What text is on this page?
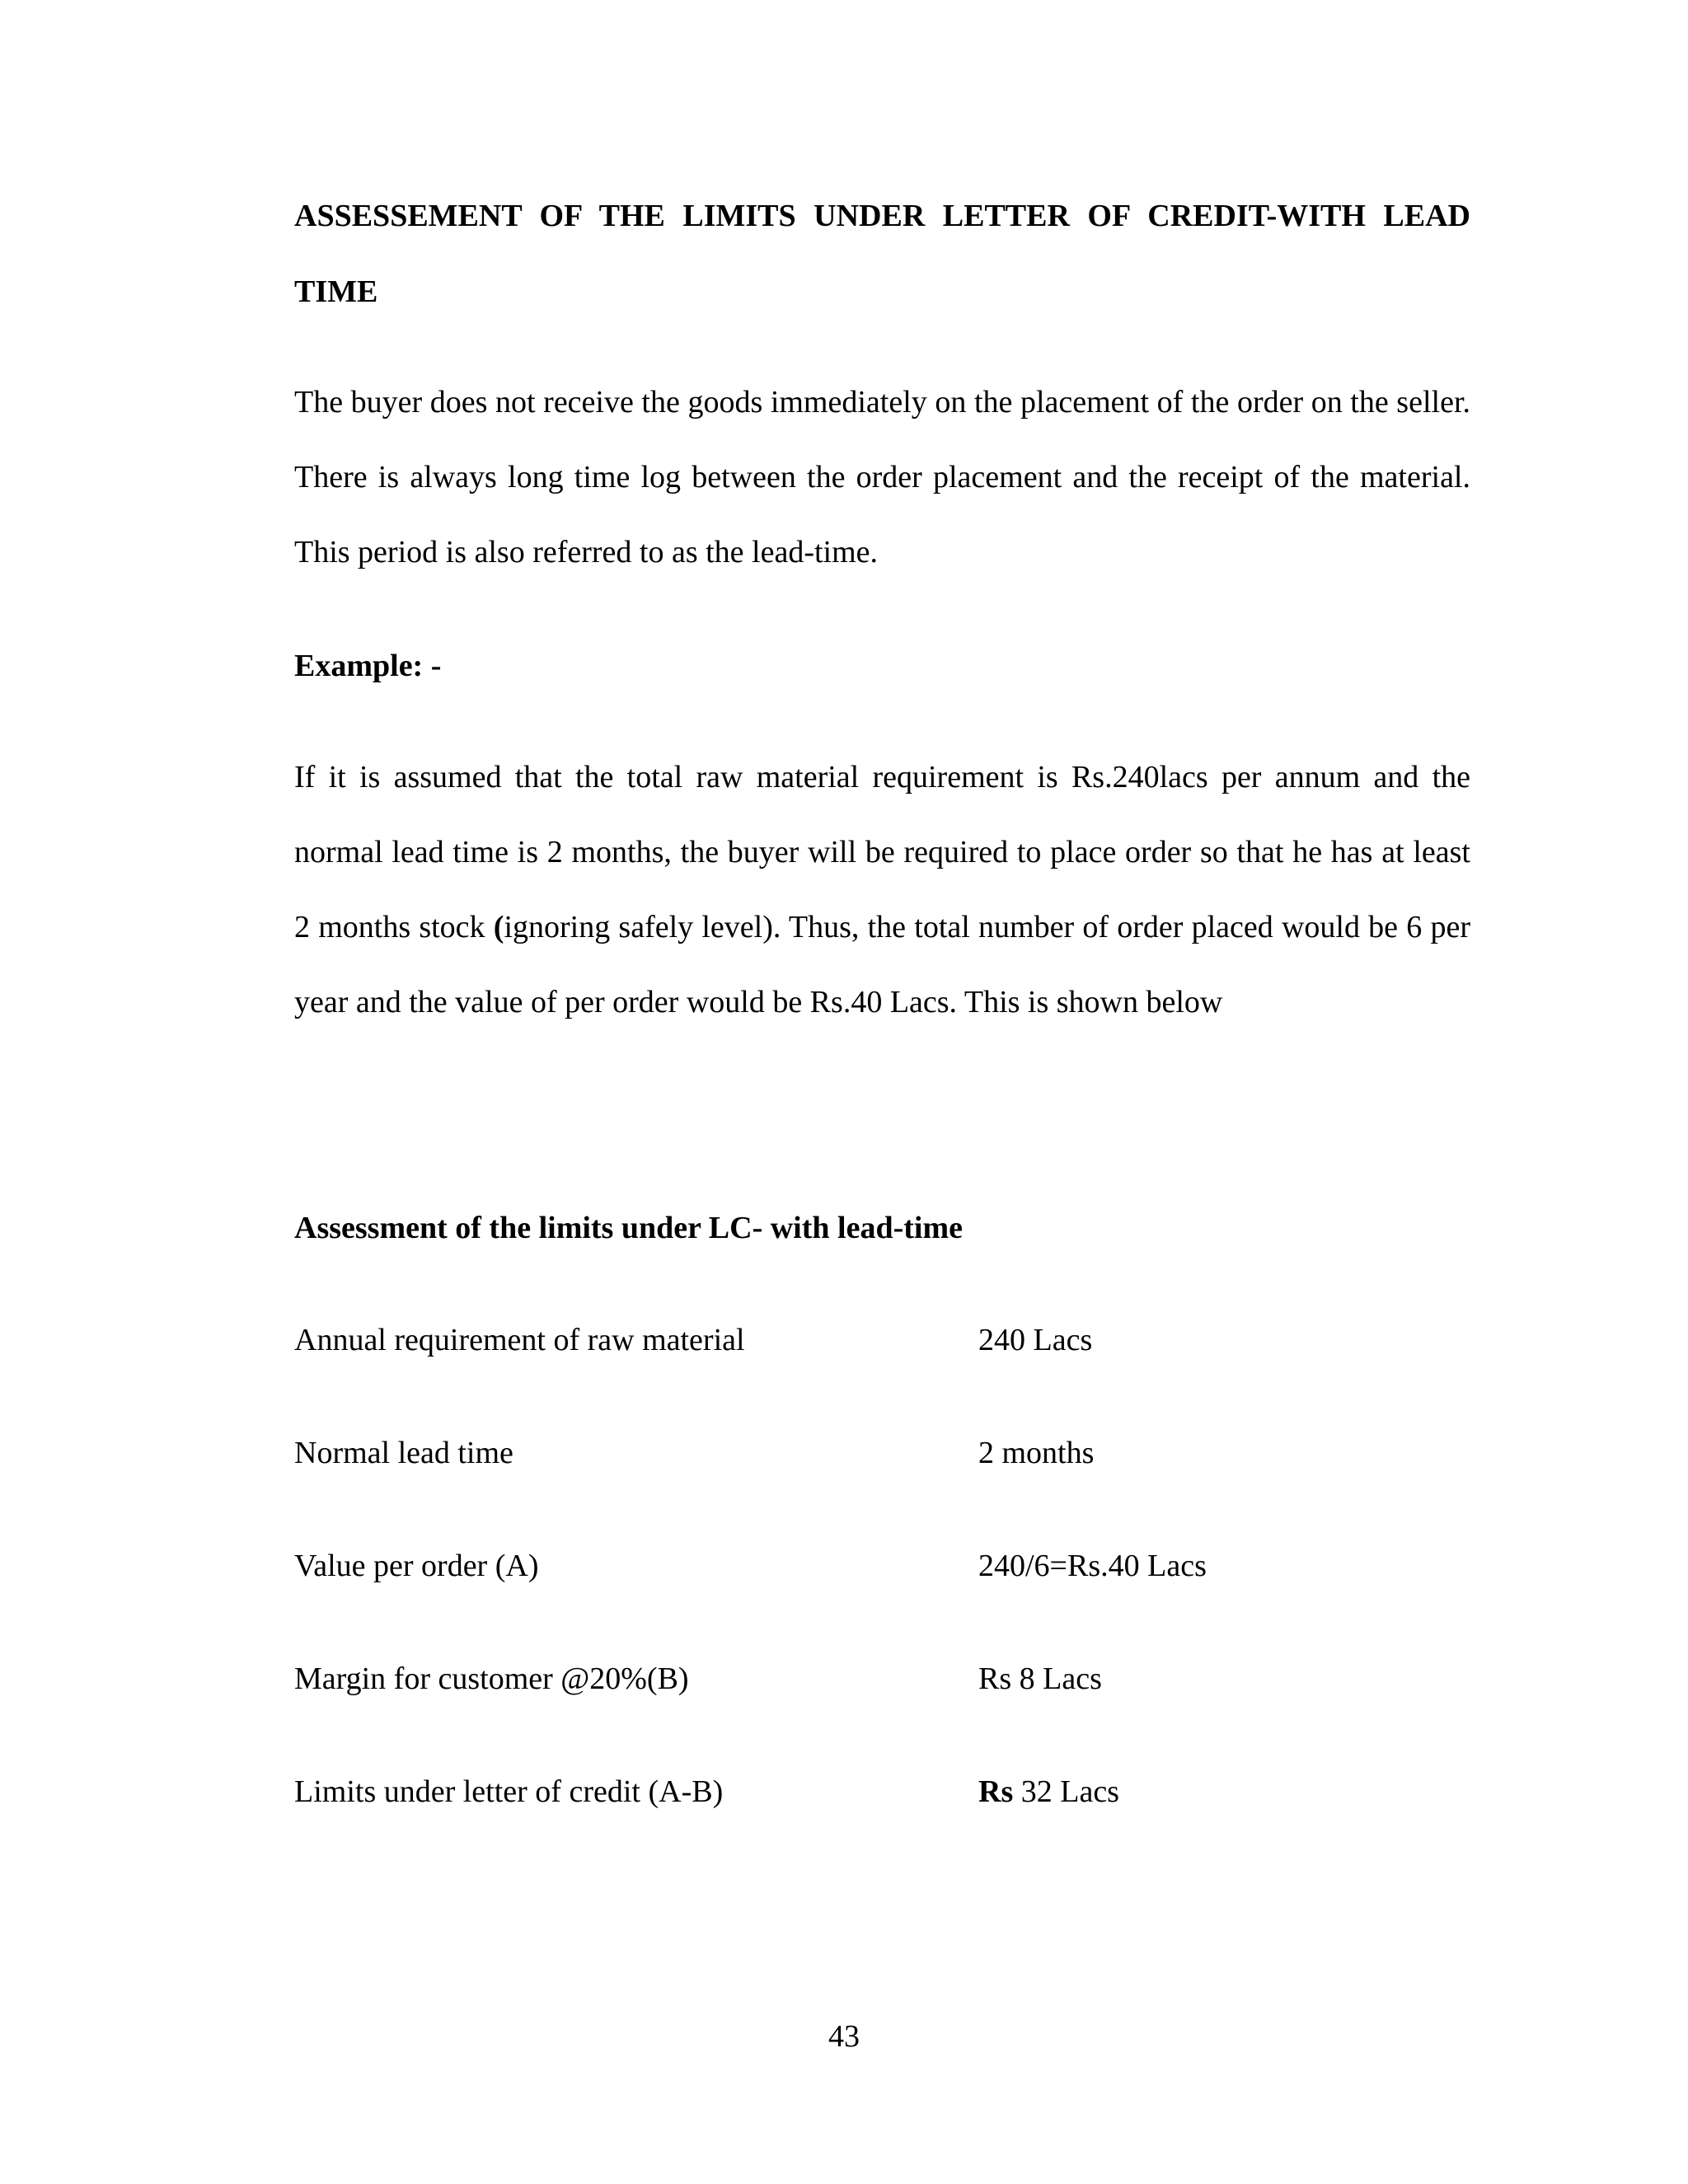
ASSESSEMENT OF THE LIMITS UNDER LETTER OF CREDIT-WITH LEAD TIME

The buyer does not receive the goods immediately on the placement of the order on the seller. There is always long time log between the order placement and the receipt of the material. This period is also referred to as the lead-time.

Example: -

If it is assumed that the total raw material requirement is Rs.240lacs per annum and the normal lead time is 2 months, the buyer will be required to place order so that he has at least 2 months stock (ignoring safely level). Thus, the total number of order placed would be 6 per year and the value of per order would be Rs.40 Lacs. This is shown below

Assessment of the limits under LC- with lead-time

Annual requirement of raw material	240 Lacs
Normal lead time	2 months
Value per order (A)	240/6=Rs.40 Lacs
Margin for customer @20%(B)	Rs 8 Lacs
Limits under letter of credit (A-B)	Rs 32 Lacs
43
